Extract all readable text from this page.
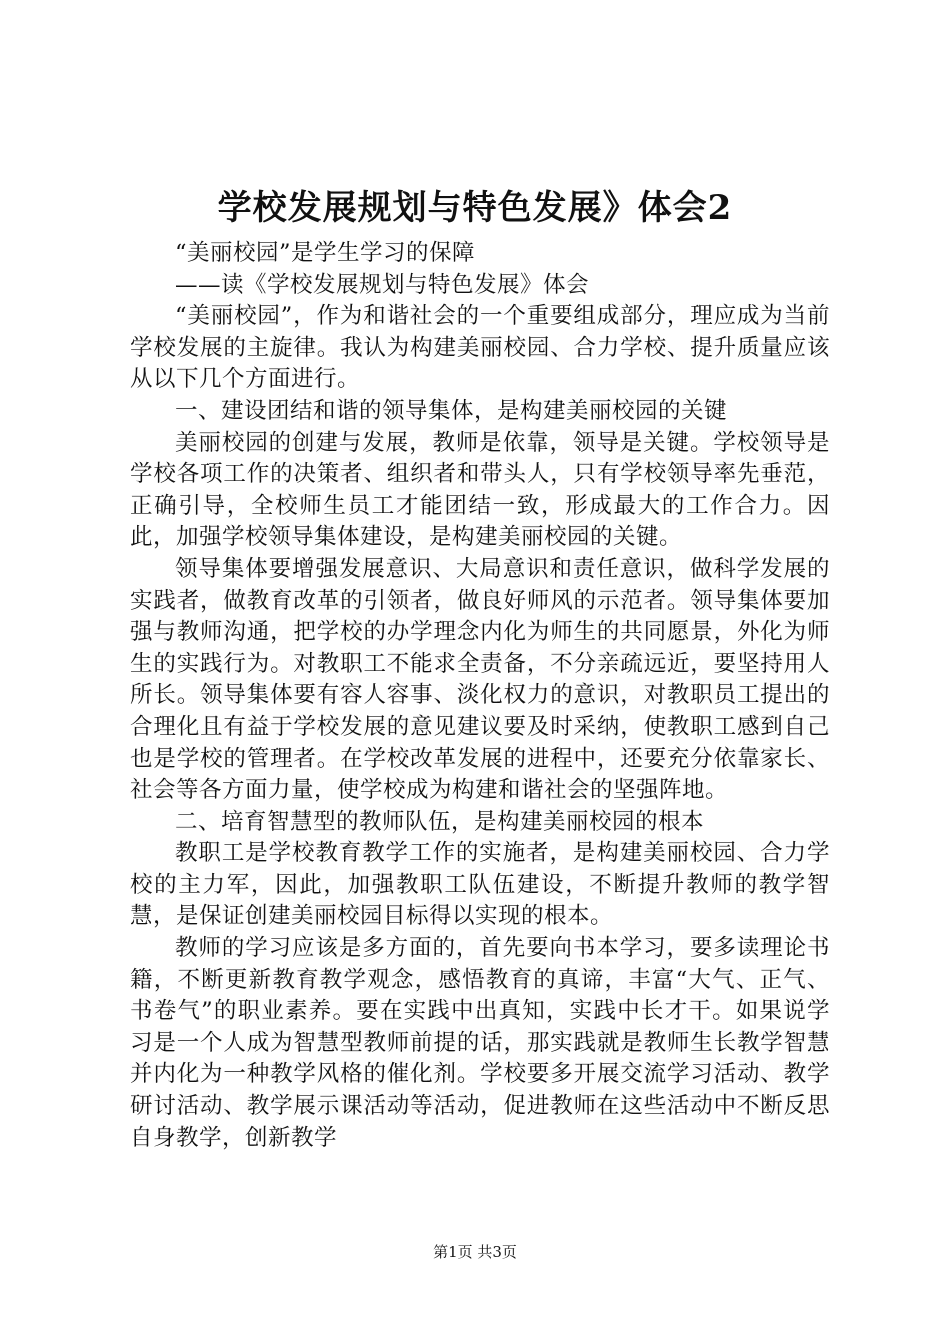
学校发展规划与特色发展》体会2

“美丽校园”是学生学习的保障

——读《学校发展规划与特色发展》体会

“美丽校园”，作为和谐社会的一个重要组成部分，理应成为当前学校发展的主旋律。我认为构建美丽校园、合力学校、提升质量应该从以下几个方面进行。

一、建设团结和谐的领导集体，是构建美丽校园的关键

美丽校园的创建与发展，教师是依靠，领导是关键。学校领导是学校各项工作的决策者、组织者和带头人，只有学校领导率先垂范，正确引导，全校师生员工才能团结一致，形成最大的工作合力。因此，加强学校领导集体建设，是构建美丽校园的关键。

领导集体要增强发展意识、大局意识和责任意识，做科学发展的实践者，做教育改革的引领者，做良好师风的示范者。领导集体要加强与教师沟通，把学校的办学理念内化为师生的共同愿景，外化为师生的实践行为。对教职工不能求全责备，不分亲疏远近，要坚持用人所长。领导集体要有容人容事、淡化权力的意识，对教职员工提出的合理化且有益于学校发展的意见建议要及时采纳，使教职工感到自己也是学校的管理者。在学校改革发展的进程中，还要充分依靠家长、社会等各方面力量，使学校成为构建和谐社会的坚强阵地。

二、培育智慧型的教师队伍，是构建美丽校园的根本

教职工是学校教育教学工作的实施者，是构建美丽校园、合力学校的主力军，因此，加强教职工队伍建设，不断提升教师的教学智慧，是保证创建美丽校园目标得以实现的根本。

教师的学习应该是多方面的，首先要向书本学习，要多读理论书籍，不断更新教育教学观念，感悟教育的真谛，丰富“大气、正气、书卷气”的职业素养。要在实践中出真知，实践中长才干。如果说学习是一个人成为智慧型教师前提的话，那实践就是教师生长教学智慧并内化为一种教学风格的催化剂。学校要多开展交流学习活动、教学研讨活动、教学展示课活动等活动，促进教师在这些活动中不断反思自身教学，创新教学

第1页 共3页
